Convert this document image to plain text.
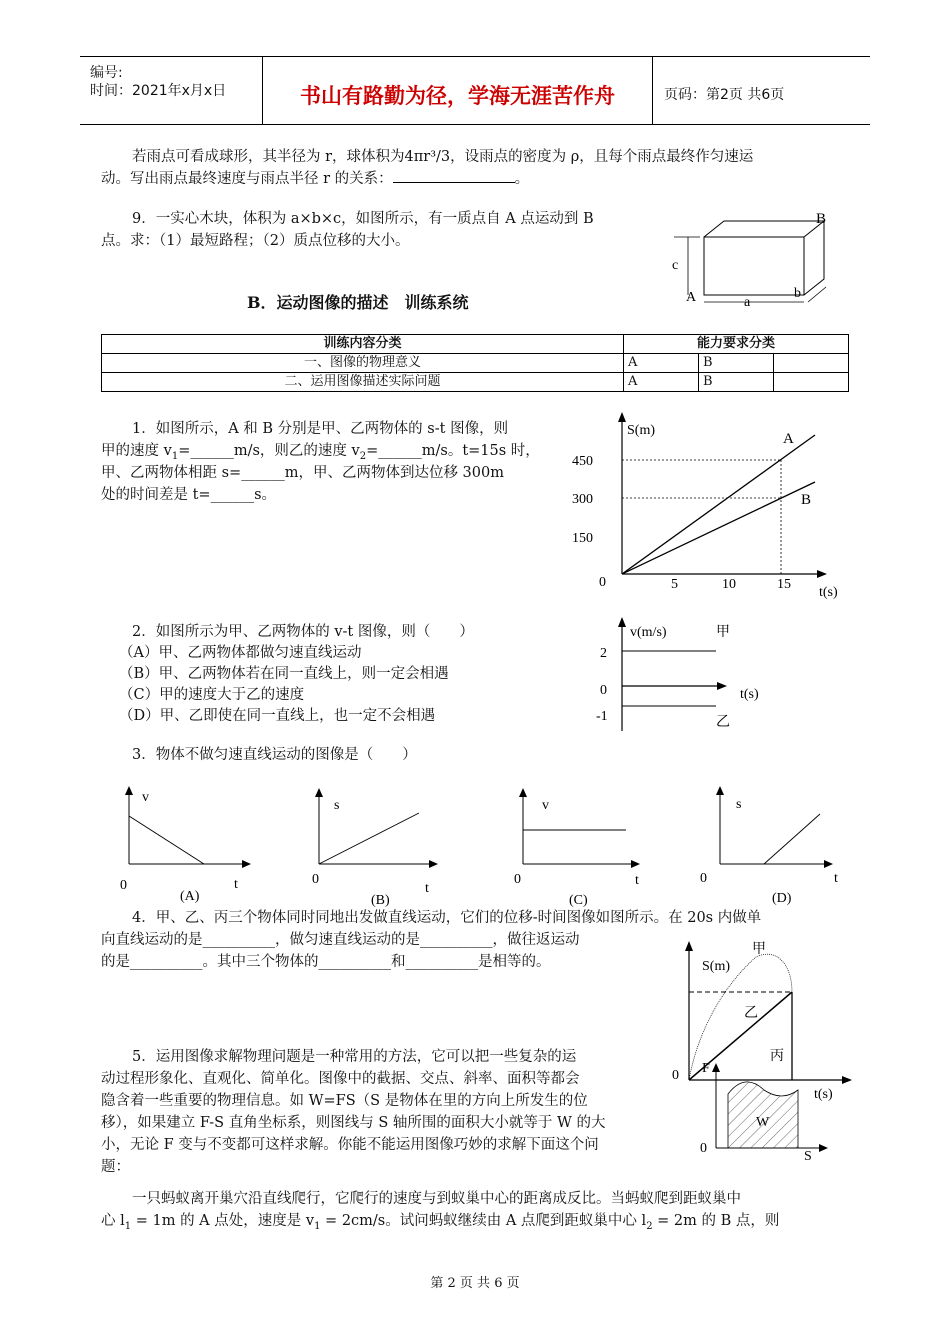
编号:
时间：2021年x月x日	书山有路勤为径，学海无涯苦作舟	页码：第2页 共6页
若雨点可看成球形，其半径为 r，球体积为4πr³/3，设雨点的密度为 ρ，且每个雨点最终作匀速运
动。写出雨点最终速度与雨点半径 r 的关系：	。
9．一实心木块，体积为 a×b×c，如图所示，有一质点自 A 点运动到 B
点。求：（1）最短路程；（2）质点位移的大小。
B
c
A	a
b
B．运动图像的描述　训练系统
训练内容分类	能力要求分类		
一、图像的物理意义	A	B	
二、运用图像描述实际问题	A	B	
1．如图所示，A 和 B 分别是甲、乙两物体的 s-t 图像，则
甲的速度 $v_1=\_\_\_\_\_\_m/s$，则乙的速度 $v_2=\_\_\_\_\_\_m/s$。t=15s 时，
甲、乙两物体相距 s=______m，甲、乙两物体到达位移 300m
处的时间差是 t=______s。
S(m)
t(s)
450
300
150
0	5	10	15
A
B
2．如图所示为甲、乙两物体的 v-t 图像，则（　　）
（A）甲、乙两物体都做匀速直线运动
（B）甲、乙两物体若在同一直线上，则一定会相遇
（C）甲的速度大于乙的速度
（D）甲、乙即使在同一直线上，也一定不会相遇
v(m/s)
t(s)
2
0
-1
甲
乙
3．物体不做匀速直线运动的图像是（　　）
v
t
0
(A)
s
t
0
(B)
v
t
0
(C)
s
t
0
(D)
4．甲、乙、丙三个物体同时同地出发做直线运动，它们的位移-时间图像如图所示。在 20s 内做单
向直线运动的是__________，做匀速直线运动的是__________，做往返运动
的是__________。其中三个物体的__________和__________是相等的。	S(m)
t(s)
0
甲
乙
丙
5．运用图像求解物理问题是一种常用的方法，它可以把一些复杂的运
动过程形象化、直观化、简单化。图像中的截据、交点、斜率、面积等都会
隐含着一些重要的物理信息。如 W=FS（S 是物体在里的方向上所发生的位
移），如果建立 F-S 直角坐标系，则图线与 S 轴所围的面积大小就等于 W 的大
小，无论 F 变与不变都可这样求解。你能不能运用图像巧妙的求解下面这个问
题：
F
S
0
W
一只蚂蚁离开巢穴沿直线爬行，它爬行的速度与到蚁巢中心的距离成反比。当蚂蚁爬到距蚁巢中
心 $l_1 = 1m$ 的 A 点处，速度是 $v_1 = 2cm/s$。试问蚂蚁继续由 A 点爬到距蚁巢中心 $l_2 = 2m$ 的 B 点，则
第 2 页 共 6 页
